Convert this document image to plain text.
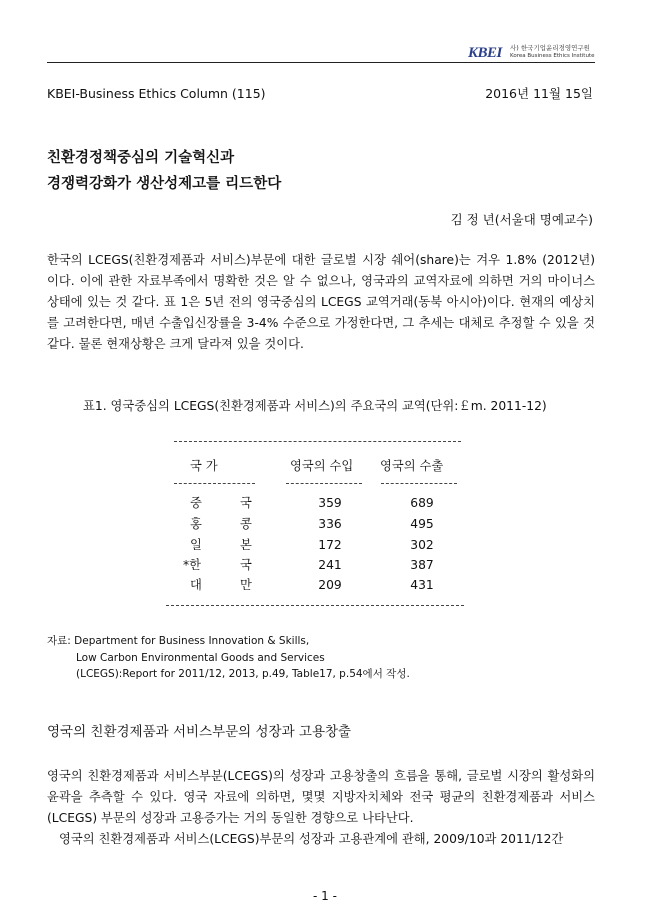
KBEI 사) 한국기업윤리경영연구원
Korea Business Ethics Institute
KBEI-Business Ethics Column (115)	2016년 11월 15일
친환경정책중심의 기술혁신과
경쟁력강화가 생산성제고를 리드한다
김 정 년(서울대 명예교수)
한국의 LCEGS(친환경제품과 서비스)부문에 대한 글로벌 시장 쉐어(share)는 겨우 1.8% (2012년) 이다. 이에 관한 자료부족에서 명확한 것은 알 수 없으나, 영국과의 교역자료에 의하면 거의 마이너스 상태에 있는 것 같다. 표 1은 5년 전의 영국중심의 LCEGS 교역거래(동북 아시아)이다. 현재의 예상치를 고려한다면, 매년 수출입신장률을 3-4% 수준으로 가정한다면, 그 추세는 대체로 추정할 수 있을 것 같다. 물론 현재상황은 크게 달라져 있을 것이다.
표1. 영국중심의 LCEGS(친환경제품과 서비스)의 주요국의 교역(단위:￡m. 2011-12)
국 가	영국의 수입 영국의 수출
중	국	359	689
홍	콩	336	495
일	본	172	302
*한	국	241	387
대	만	209	431
자료: Department for Business Innovation & Skills,
Low Carbon Environmental Goods and Services
(LCEGS):Report for 2011/12, 2013, p.49, Table17, p.54에서 작성.
영국의 친환경제품과 서비스부문의 성장과 고용창출
영국의 친환경제품과 서비스부분(LCEGS)의 성장과 고용창출의 흐름을 통해, 글로벌 시장의 활성화의 윤곽을 추측할 수 있다. 영국 자료에 의하면, 몇몇 지방자치체와 전국 평균의 친환경제품과 서비스(LCEGS) 부문의 성장과 고용증가는 거의 동일한 경향으로 나타난다.
영국의 친환경제품과 서비스(LCEGS)부문의 성장과 고용관계에 관해, 2009/10과 2011/12간
- 1 -
